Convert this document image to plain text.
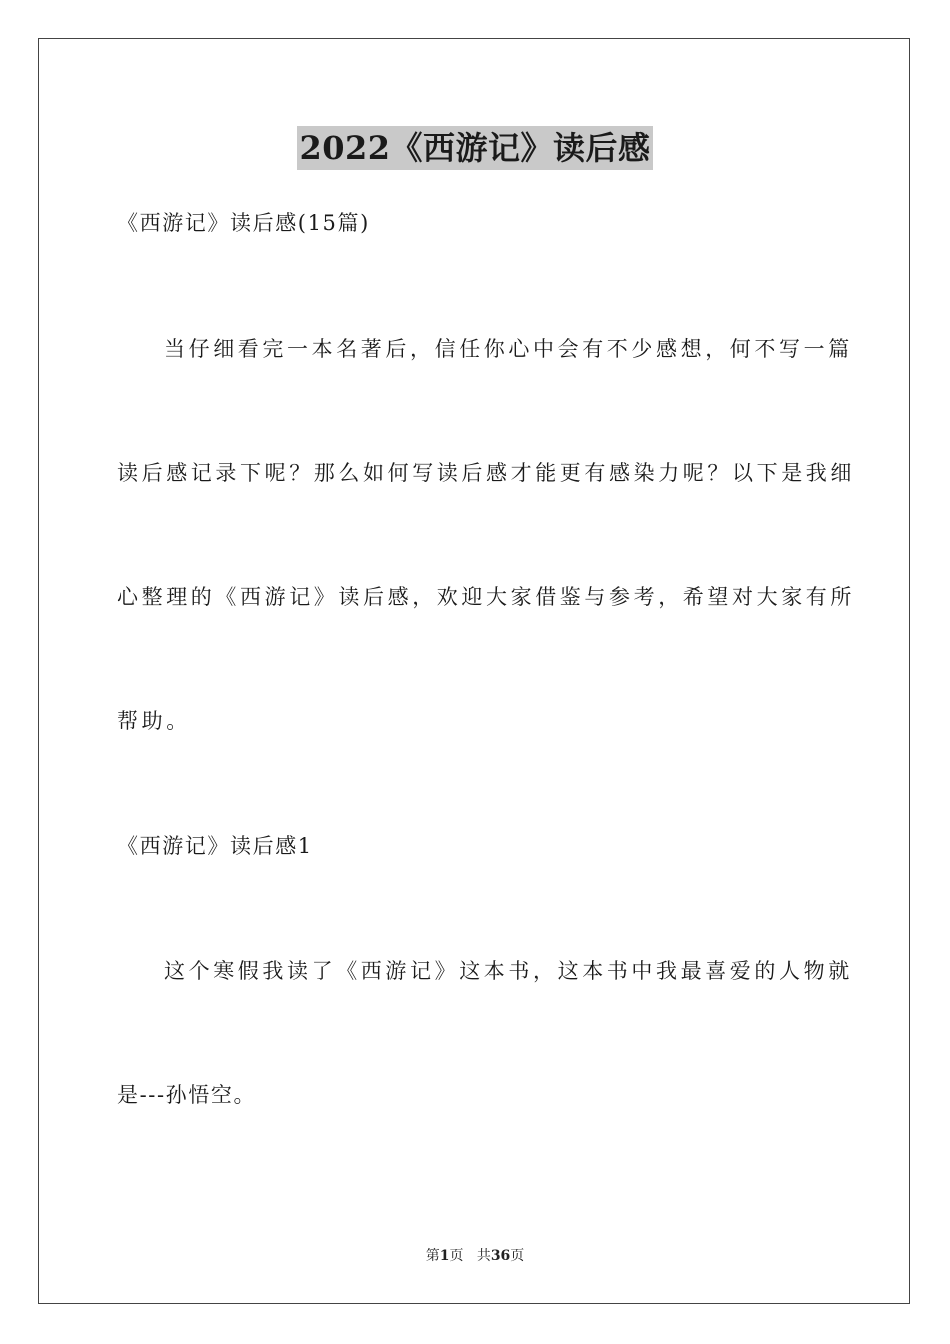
2022《西游记》读后感
《西游记》读后感(15篇)
当仔细看完一本名著后，信任你心中会有不少感想，何不写一篇
读后感记录下呢？那么如何写读后感才能更有感染力呢？以下是我细
心整理的《西游记》读后感，欢迎大家借鉴与参考，希望对大家有所
帮助。
《西游记》读后感1
这个寒假我读了《西游记》这本书，这本书中我最喜爱的人物就
是---孙悟空。
第1页 共36页
